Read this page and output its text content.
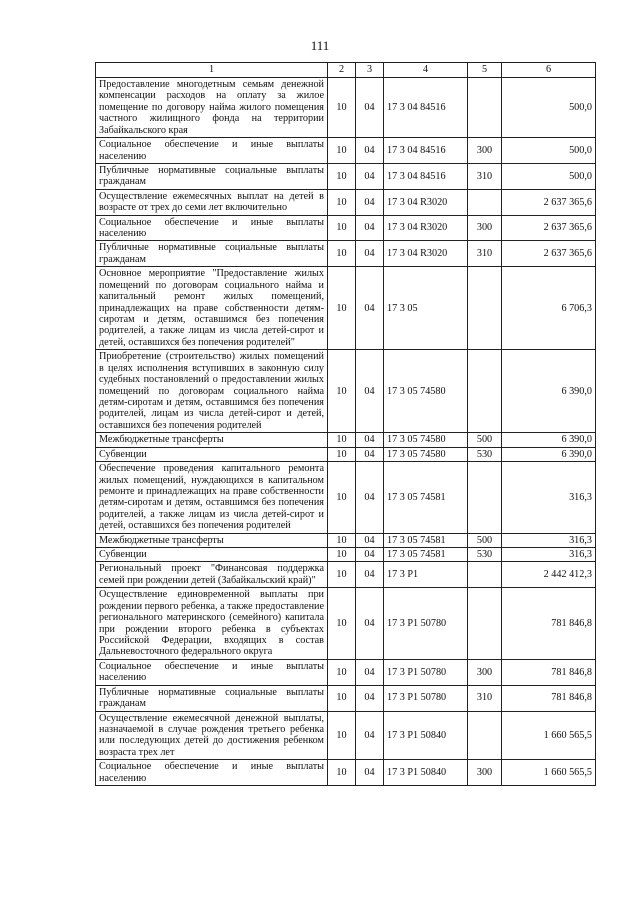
111
1	2	3	4	5	6
Предоставление многодетным семьям денежной компенсации расходов на оплату за жилое помещение по договору найма жилого помещения частного жилищного фонда на территории Забайкальского края	10	04	17 3 04 84516		500,0
Социальное обеспечение и иные выплаты населению	10	04	17 3 04 84516	300	500,0
Публичные нормативные социальные выплаты гражданам	10	04	17 3 04 84516	310	500,0
Осуществление ежемесячных выплат на детей в возрасте от трех до семи лет включительно	10	04	17 3 04 R3020		2 637 365,6
Социальное обеспечение и иные выплаты населению	10	04	17 3 04 R3020	300	2 637 365,6
Публичные нормативные социальные выплаты гражданам	10	04	17 3 04 R3020	310	2 637 365,6
Основное мероприятие "Предоставление жилых помещений по договорам социального найма и капитальный ремонт жилых помещений, принадлежащих на праве собственности детям-сиротам и детям, оставшимся без попечения родителей, а также лицам из числа детей-сирот и детей, оставшихся без попечения родителей"	10	04	17 3 05		6 706,3
Приобретение (строительство) жилых помещений в целях исполнения вступивших в законную силу судебных постановлений о предоставлении жилых помещений по договорам социального найма детям-сиротам и детям, оставшимся без попечения родителей, лицам из числа детей-сирот и детей, оставшихся без попечения родителей	10	04	17 3 05 74580		6 390,0
Межбюджетные трансферты	10	04	17 3 05 74580	500	6 390,0
Субвенции	10	04	17 3 05 74580	530	6 390,0
Обеспечение проведения капитального ремонта жилых помещений, нуждающихся в капитальном ремонте и принадлежащих на праве собственности детям-сиротам и детям, оставшимся без попечения родителей, а также лицам из числа детей-сирот и детей, оставшихся без попечения родителей	10	04	17 3 05 74581		316,3
Межбюджетные трансферты	10	04	17 3 05 74581	500	316,3
Субвенции	10	04	17 3 05 74581	530	316,3
Региональный проект "Финансовая поддержка семей при рождении детей (Забайкальский край)"	10	04	17 3 P1		2 442 412,3
Осуществление единовременной выплаты при рождении первого ребенка, а также предоставление регионального материнского (семейного) капитала при рождении второго ребенка в субъектах Российской Федерации, входящих в состав Дальневосточного федерального округа	10	04	17 3 P1 50780		781 846,8
Социальное обеспечение и иные выплаты населению	10	04	17 3 P1 50780	300	781 846,8
Публичные нормативные социальные выплаты гражданам	10	04	17 3 P1 50780	310	781 846,8
Осуществление ежемесячной денежной выплаты, назначаемой в случае рождения третьего ребенка или последующих детей до достижения ребенком возраста трех лет	10	04	17 3 P1 50840		1 660 565,5
Социальное обеспечение и иные выплаты населению	10	04	17 3 P1 50840	300	1 660 565,5
